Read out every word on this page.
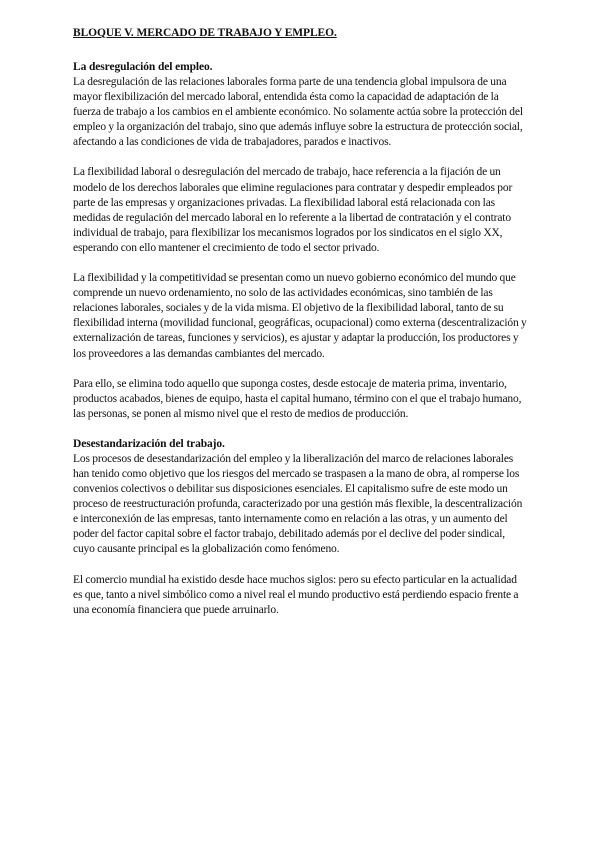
BLOQUE V. MERCADO DE TRABAJO Y EMPLEO.
La desregulación del empleo.

La desregulación de las relaciones laborales forma parte de una tendencia global impulsora de una mayor flexibilización del mercado laboral, entendida ésta como la capacidad de adaptación de la fuerza de trabajo a los cambios en el ambiente económico. No solamente actúa sobre la protección del empleo y la organización del trabajo, sino que además influye sobre la estructura de protección social, afectando a las condiciones de vida de trabajadores, parados e inactivos.

La flexibilidad laboral o desregulación del mercado de trabajo, hace referencia a la fijación de un modelo de los derechos laborales que elimine regulaciones para contratar y despedir empleados por parte de las empresas y organizaciones privadas. La flexibilidad laboral está relacionada con las medidas de regulación del mercado laboral en lo referente a la libertad de contratación y el contrato individual de trabajo, para flexibilizar los mecanismos logrados por los sindicatos en el siglo XX, esperando con ello mantener el crecimiento de todo el sector privado.

La flexibilidad y la competitividad se presentan como un nuevo gobierno económico del mundo que comprende un nuevo ordenamiento, no solo de las actividades económicas, sino también de las relaciones laborales, sociales y de la vida misma. El objetivo de la flexibilidad laboral, tanto de su flexibilidad interna (movilidad funcional, geográficas, ocupacional) como externa (descentralización y externalización de tareas, funciones y servicios), es ajustar y adaptar la producción, los productores y los proveedores a las demandas cambiantes del mercado.

Para ello, se elimina todo aquello que suponga costes, desde estocaje de materia prima, inventario, productos acabados, bienes de equipo, hasta el capital humano, término con el que el trabajo humano, las personas, se ponen al mismo nivel que el resto de medios de producción.

Desestandarización del trabajo.

Los procesos de desestandarización del empleo y la liberalización del marco de relaciones laborales han tenido como objetivo que los riesgos del mercado se traspasen a la mano de obra, al romperse los convenios colectivos o debilitar sus disposiciones esenciales. El capitalismo sufre de este modo un proceso de reestructuración profunda, caracterizado por una gestión más flexible, la descentralización e interconexión de las empresas, tanto internamente como en relación a las otras, y un aumento del poder del factor capital sobre el factor trabajo, debilitado además por el declive del poder sindical, cuyo causante principal es la globalización como fenómeno.

El comercio mundial ha existido desde hace muchos siglos: pero su efecto particular en la actualidad es que, tanto a nivel simbólico como a nivel real el mundo productivo está perdiendo espacio frente a una economía financiera que puede arruinarlo.
